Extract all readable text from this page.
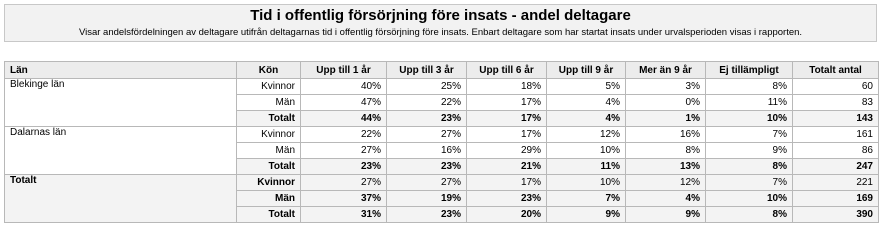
Tid i offentlig försörjning före insats - andel deltagare
Visar andelsfördelningen av deltagare utifrån deltagarnas tid i offentlig försörjning före insats. Enbart deltagare som har startat insats under urvalsperioden visas i rapporten.
Län	Kön	Upp till 1 år	Upp till 3 år	Upp till 6 år	Upp till 9 år	Mer än 9 år	Ej tillämpligt	Totalt antal
Blekinge län	Kvinnor	40%	25%	18%	5%	3%	8%	60
	Män	47%	22%	17%	4%	0%	11%	83
	Totalt	44%	23%	17%	4%	1%	10%	143
Dalarnas län	Kvinnor	22%	27%	17%	12%	16%	7%	161
	Män	27%	16%	29%	10%	8%	9%	86
	Totalt	23%	23%	21%	11%	13%	8%	247
Totalt	Kvinnor	27%	27%	17%	10%	12%	7%	221
	Män	37%	19%	23%	7%	4%	10%	169
	Totalt	31%	23%	20%	9%	9%	8%	390
